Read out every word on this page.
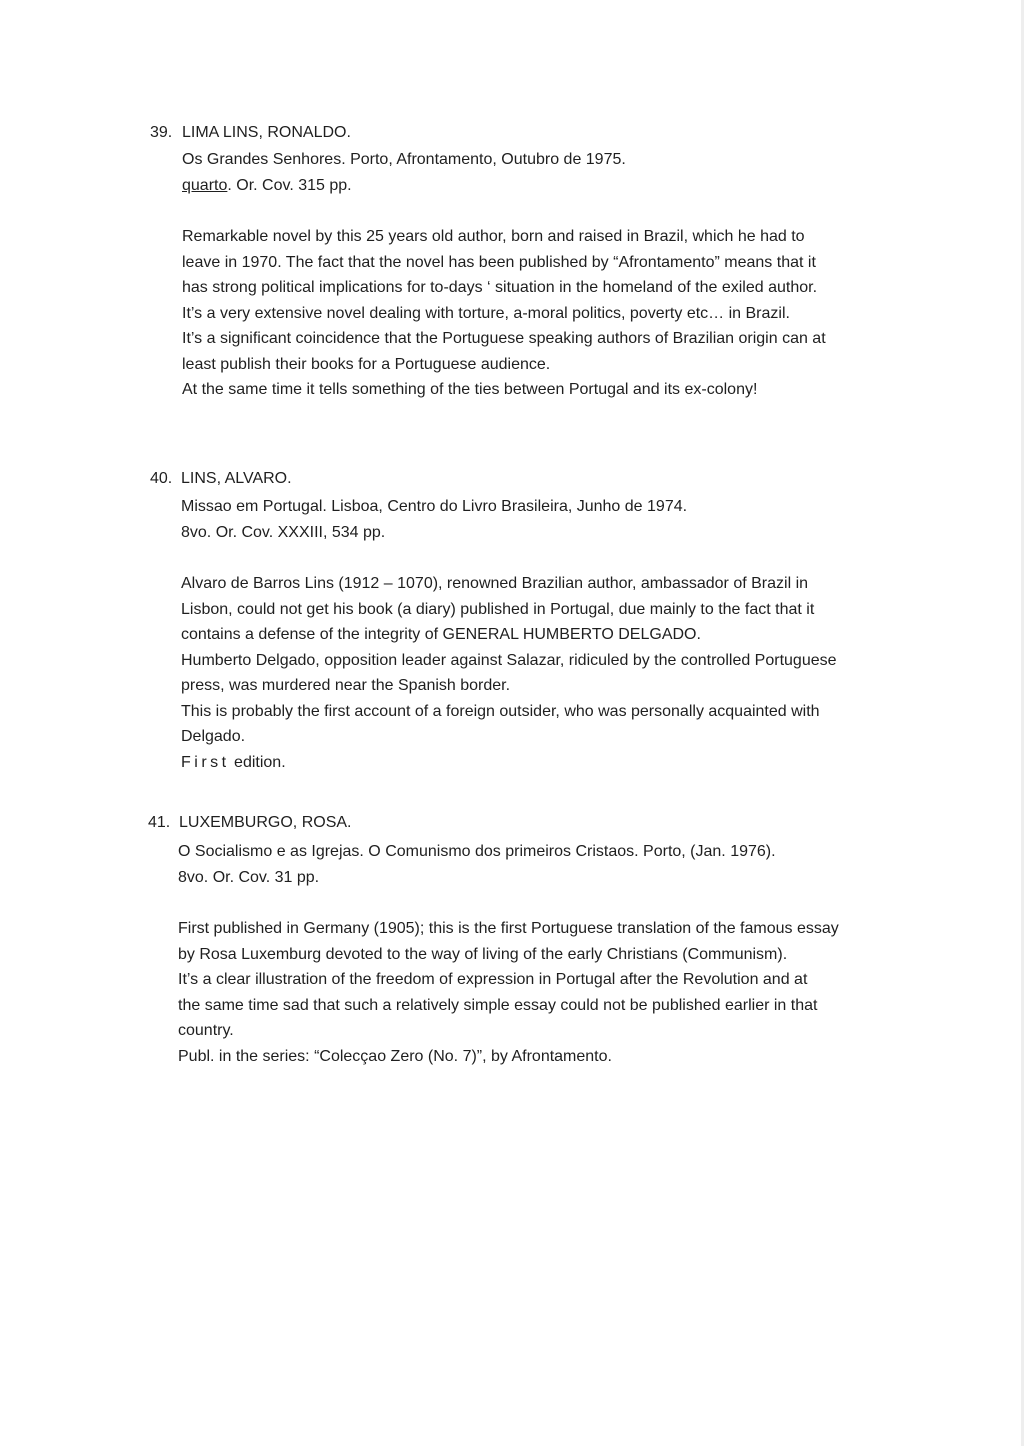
39. LIMA LINS, RONALDO.
Os Grandes Senhores. Porto, Afrontamento, Outubro de 1975.
quarto. Or. Cov. 315 pp.
Remarkable novel by this 25 years old author, born and raised in Brazil, which he had to
leave in 1970. The fact that the novel has been published by “Afrontamento” means that it
has strong political implications for to-days ‘ situation in the homeland of the exiled author.
It’s a very extensive novel dealing with torture, a-moral politics, poverty etc… in Brazil.
It’s a significant coincidence that the Portuguese speaking authors of Brazilian origin can at
least publish their books for a Portuguese audience.
At the same time it tells something of the ties between Portugal and its ex-colony!
40. LINS, ALVARO.
Missao em Portugal. Lisboa, Centro do Livro Brasileira, Junho de 1974.
8vo. Or. Cov. XXXIII, 534 pp.
Alvaro de Barros Lins (1912 – 1070), renowned Brazilian author, ambassador of Brazil in
Lisbon, could not get his book (a diary) published in Portugal, due mainly to the fact that it
contains a defense of the integrity of GENERAL HUMBERTO DELGADO.
Humberto Delgado, opposition leader against Salazar, ridiculed by the controlled Portuguese
press, was murdered near the Spanish border.
This is probably the first account of a foreign outsider, who was personally acquainted with
Delgado.
First edition.
41. LUXEMBURGO, ROSA.
O Socialismo e as Igrejas. O Comunismo dos primeiros Cristaos. Porto, (Jan. 1976).
8vo. Or. Cov. 31 pp.
First published in Germany (1905); this is the first Portuguese translation of the famous essay
by Rosa Luxemburg devoted to the way of living of the early Christians (Communism).
It’s a clear illustration of the freedom of expression in Portugal after the Revolution and at
the same time sad that such a relatively simple essay could not be published earlier in that
country.
Publ. in the series: “Colecçao Zero (No. 7)”, by Afrontamento.
